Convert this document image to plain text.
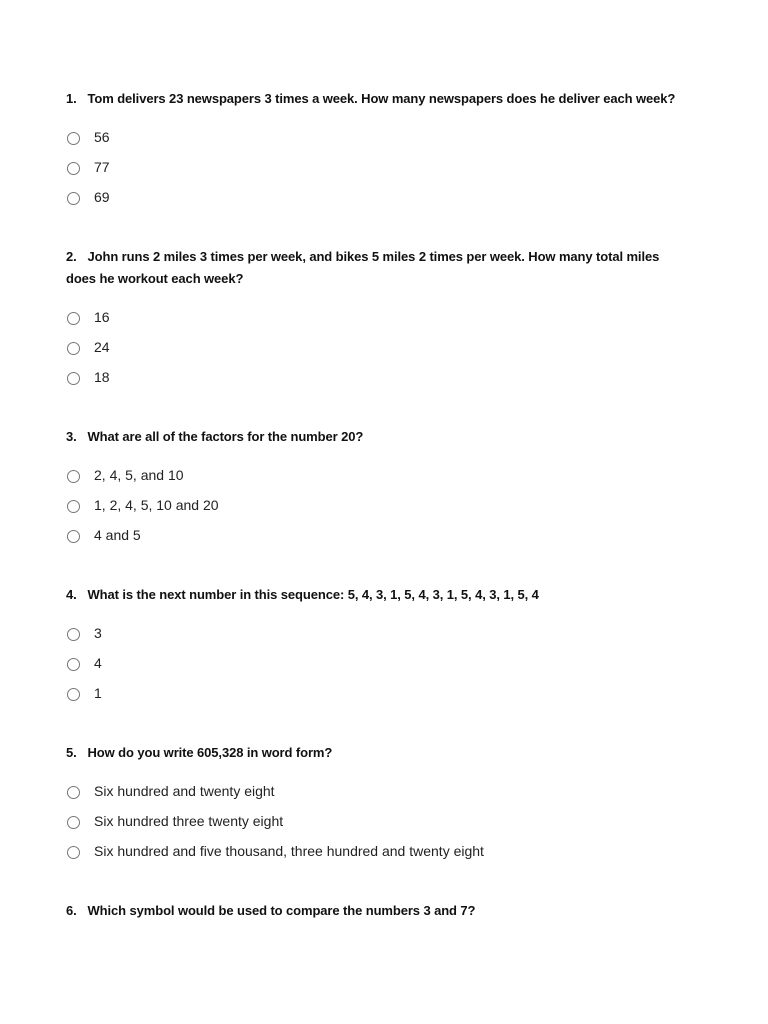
1. Tom delivers 23 newspapers 3 times a week. How many newspapers does he deliver each week?
56
77
69
2. John runs 2 miles 3 times per week, and bikes 5 miles 2 times per week. How many total miles does he workout each week?
16
24
18
3. What are all of the factors for the number 20?
2, 4, 5, and 10
1, 2, 4, 5, 10 and 20
4 and 5
4. What is the next number in this sequence: 5, 4, 3, 1, 5, 4, 3, 1, 5, 4, 3, 1, 5, 4
3
4
1
5. How do you write 605,328 in word form?
Six hundred and twenty eight
Six hundred three twenty eight
Six hundred and five thousand, three hundred and twenty eight
6. Which symbol would be used to compare the numbers 3 and 7?
